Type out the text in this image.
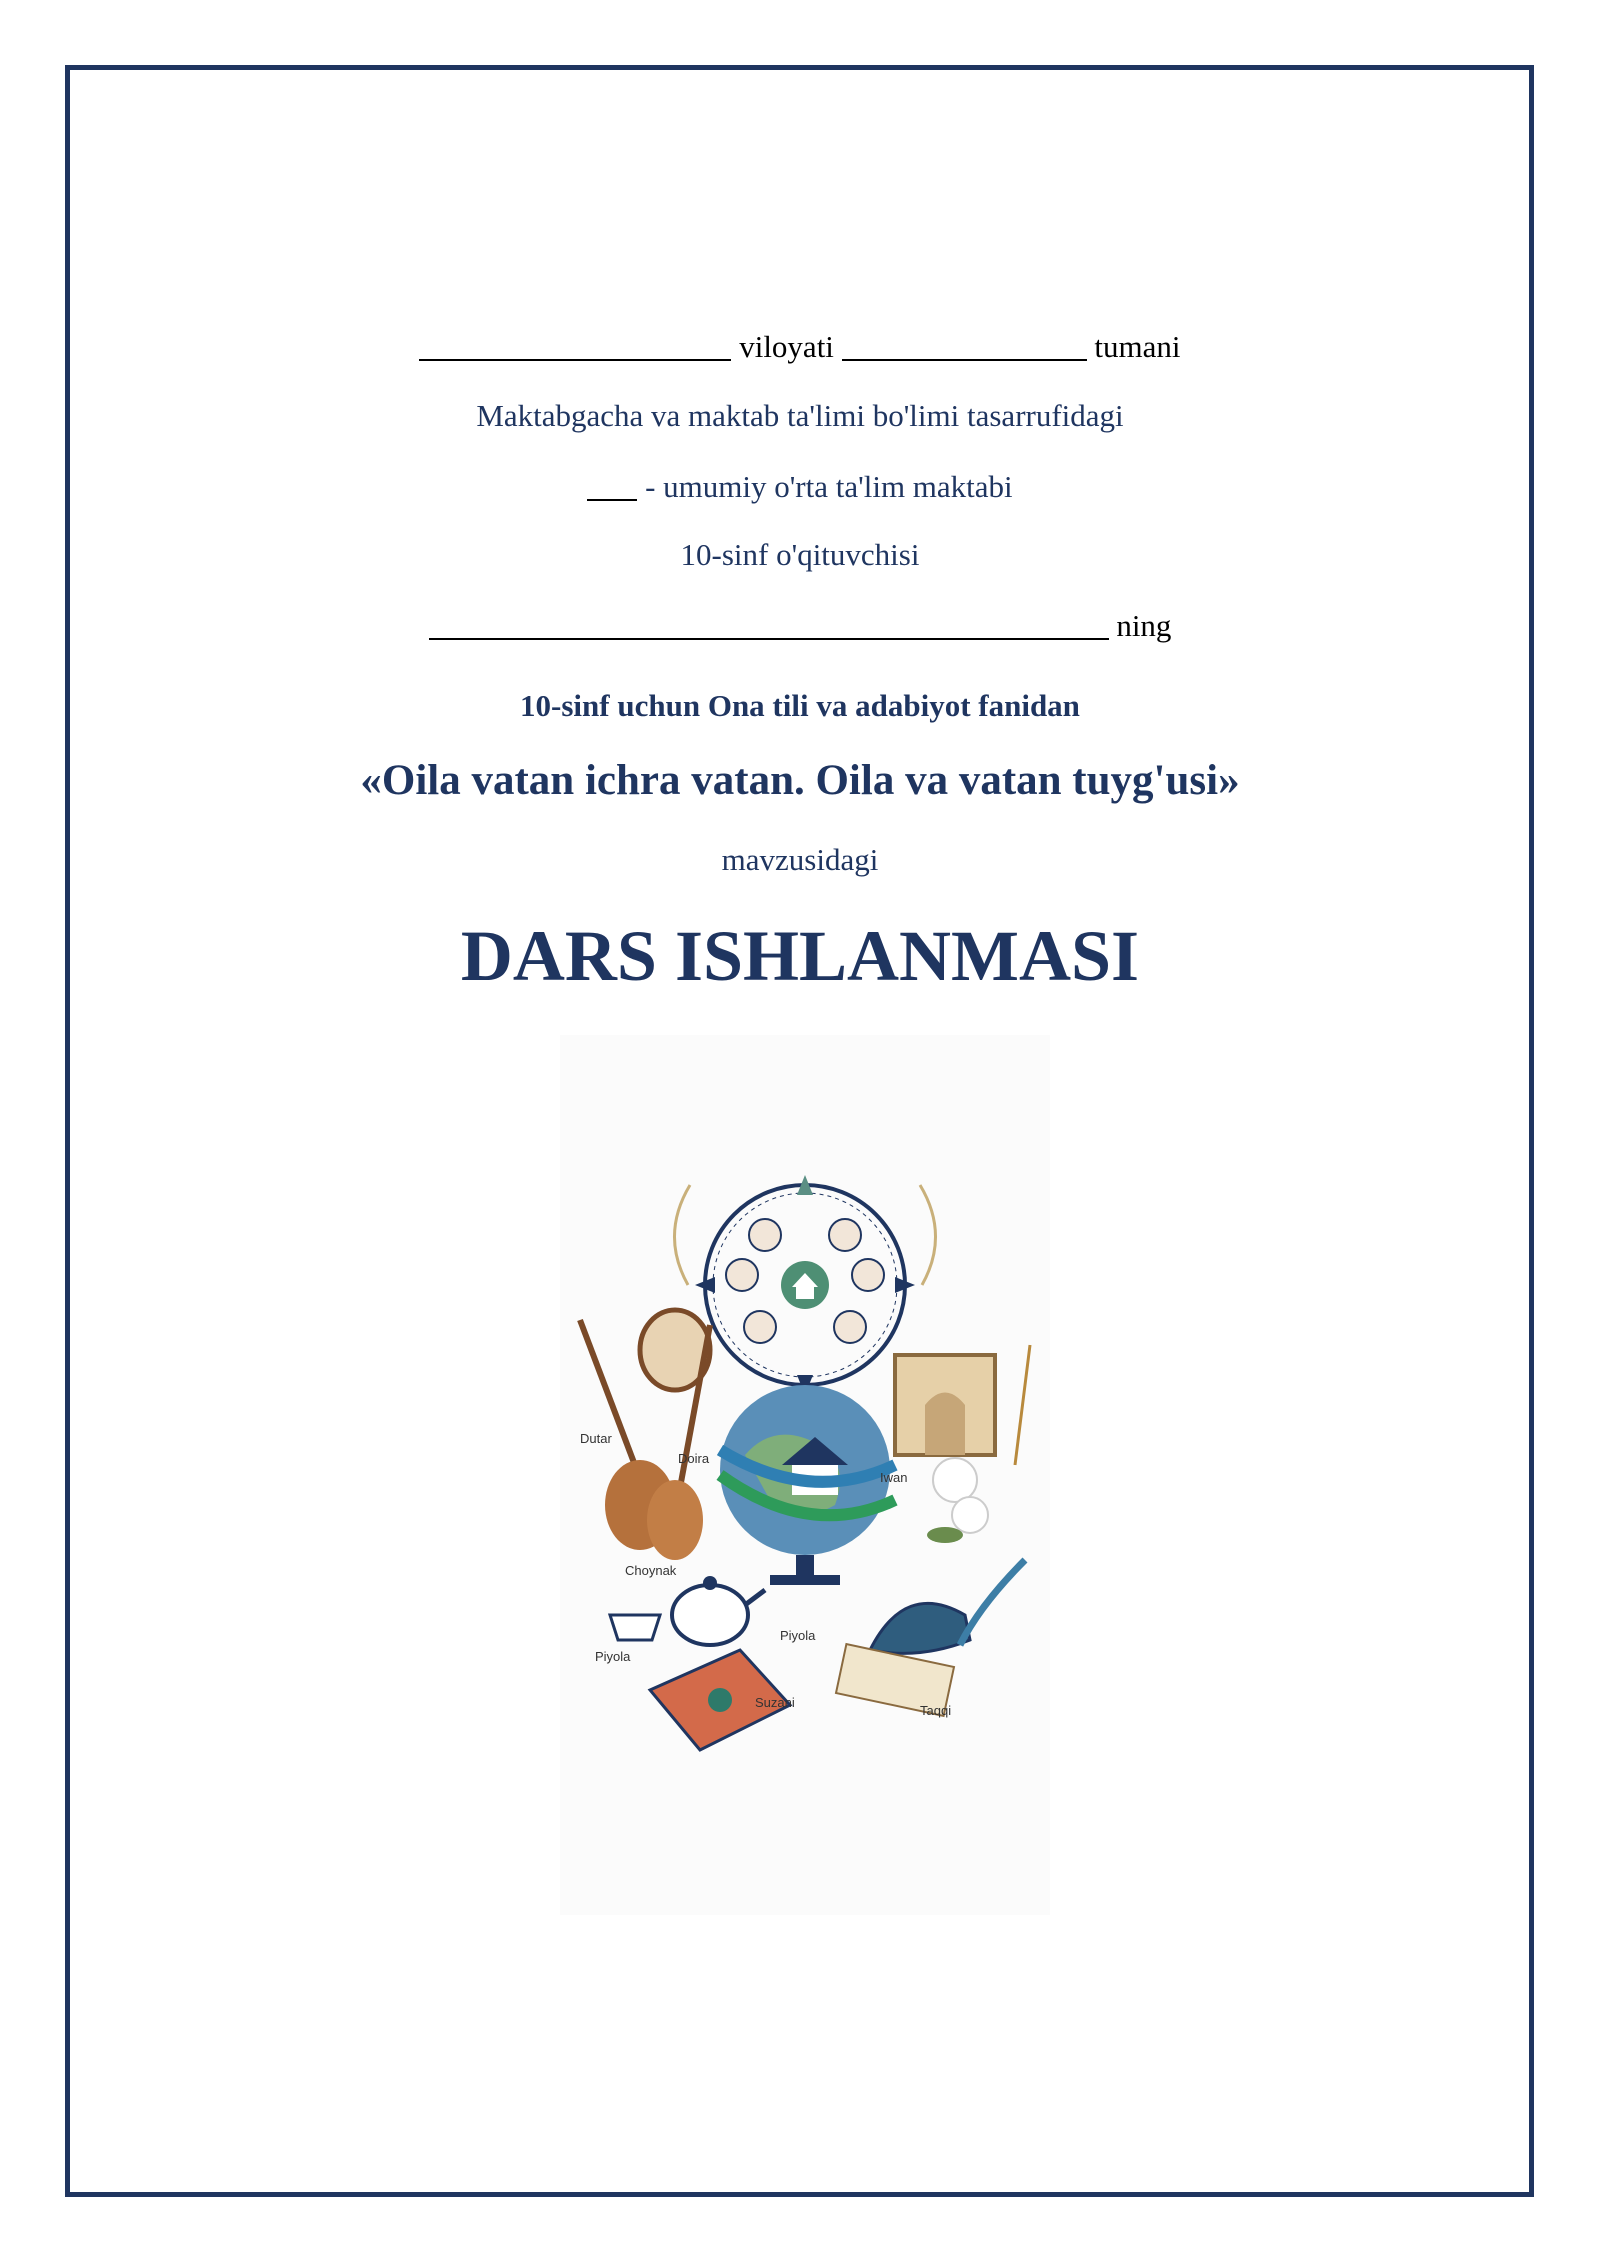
viloyati	tumani
Maktabgacha va maktab ta'limi bo'limi tasarrufidagi
- umumiy o'rta ta'lim maktabi
10-sinf o'qituvchisi
ning
10-sinf uchun Ona tili va adabiyot fanidan
«Oila vatan ichra vatan. Oila va vatan tuyg'usi»
mavzusidagi
DARS ISHLANMASI
Dutar
Doira
Iwan
Choynak
Piyola
Piyola
Suzani
Taqqi
